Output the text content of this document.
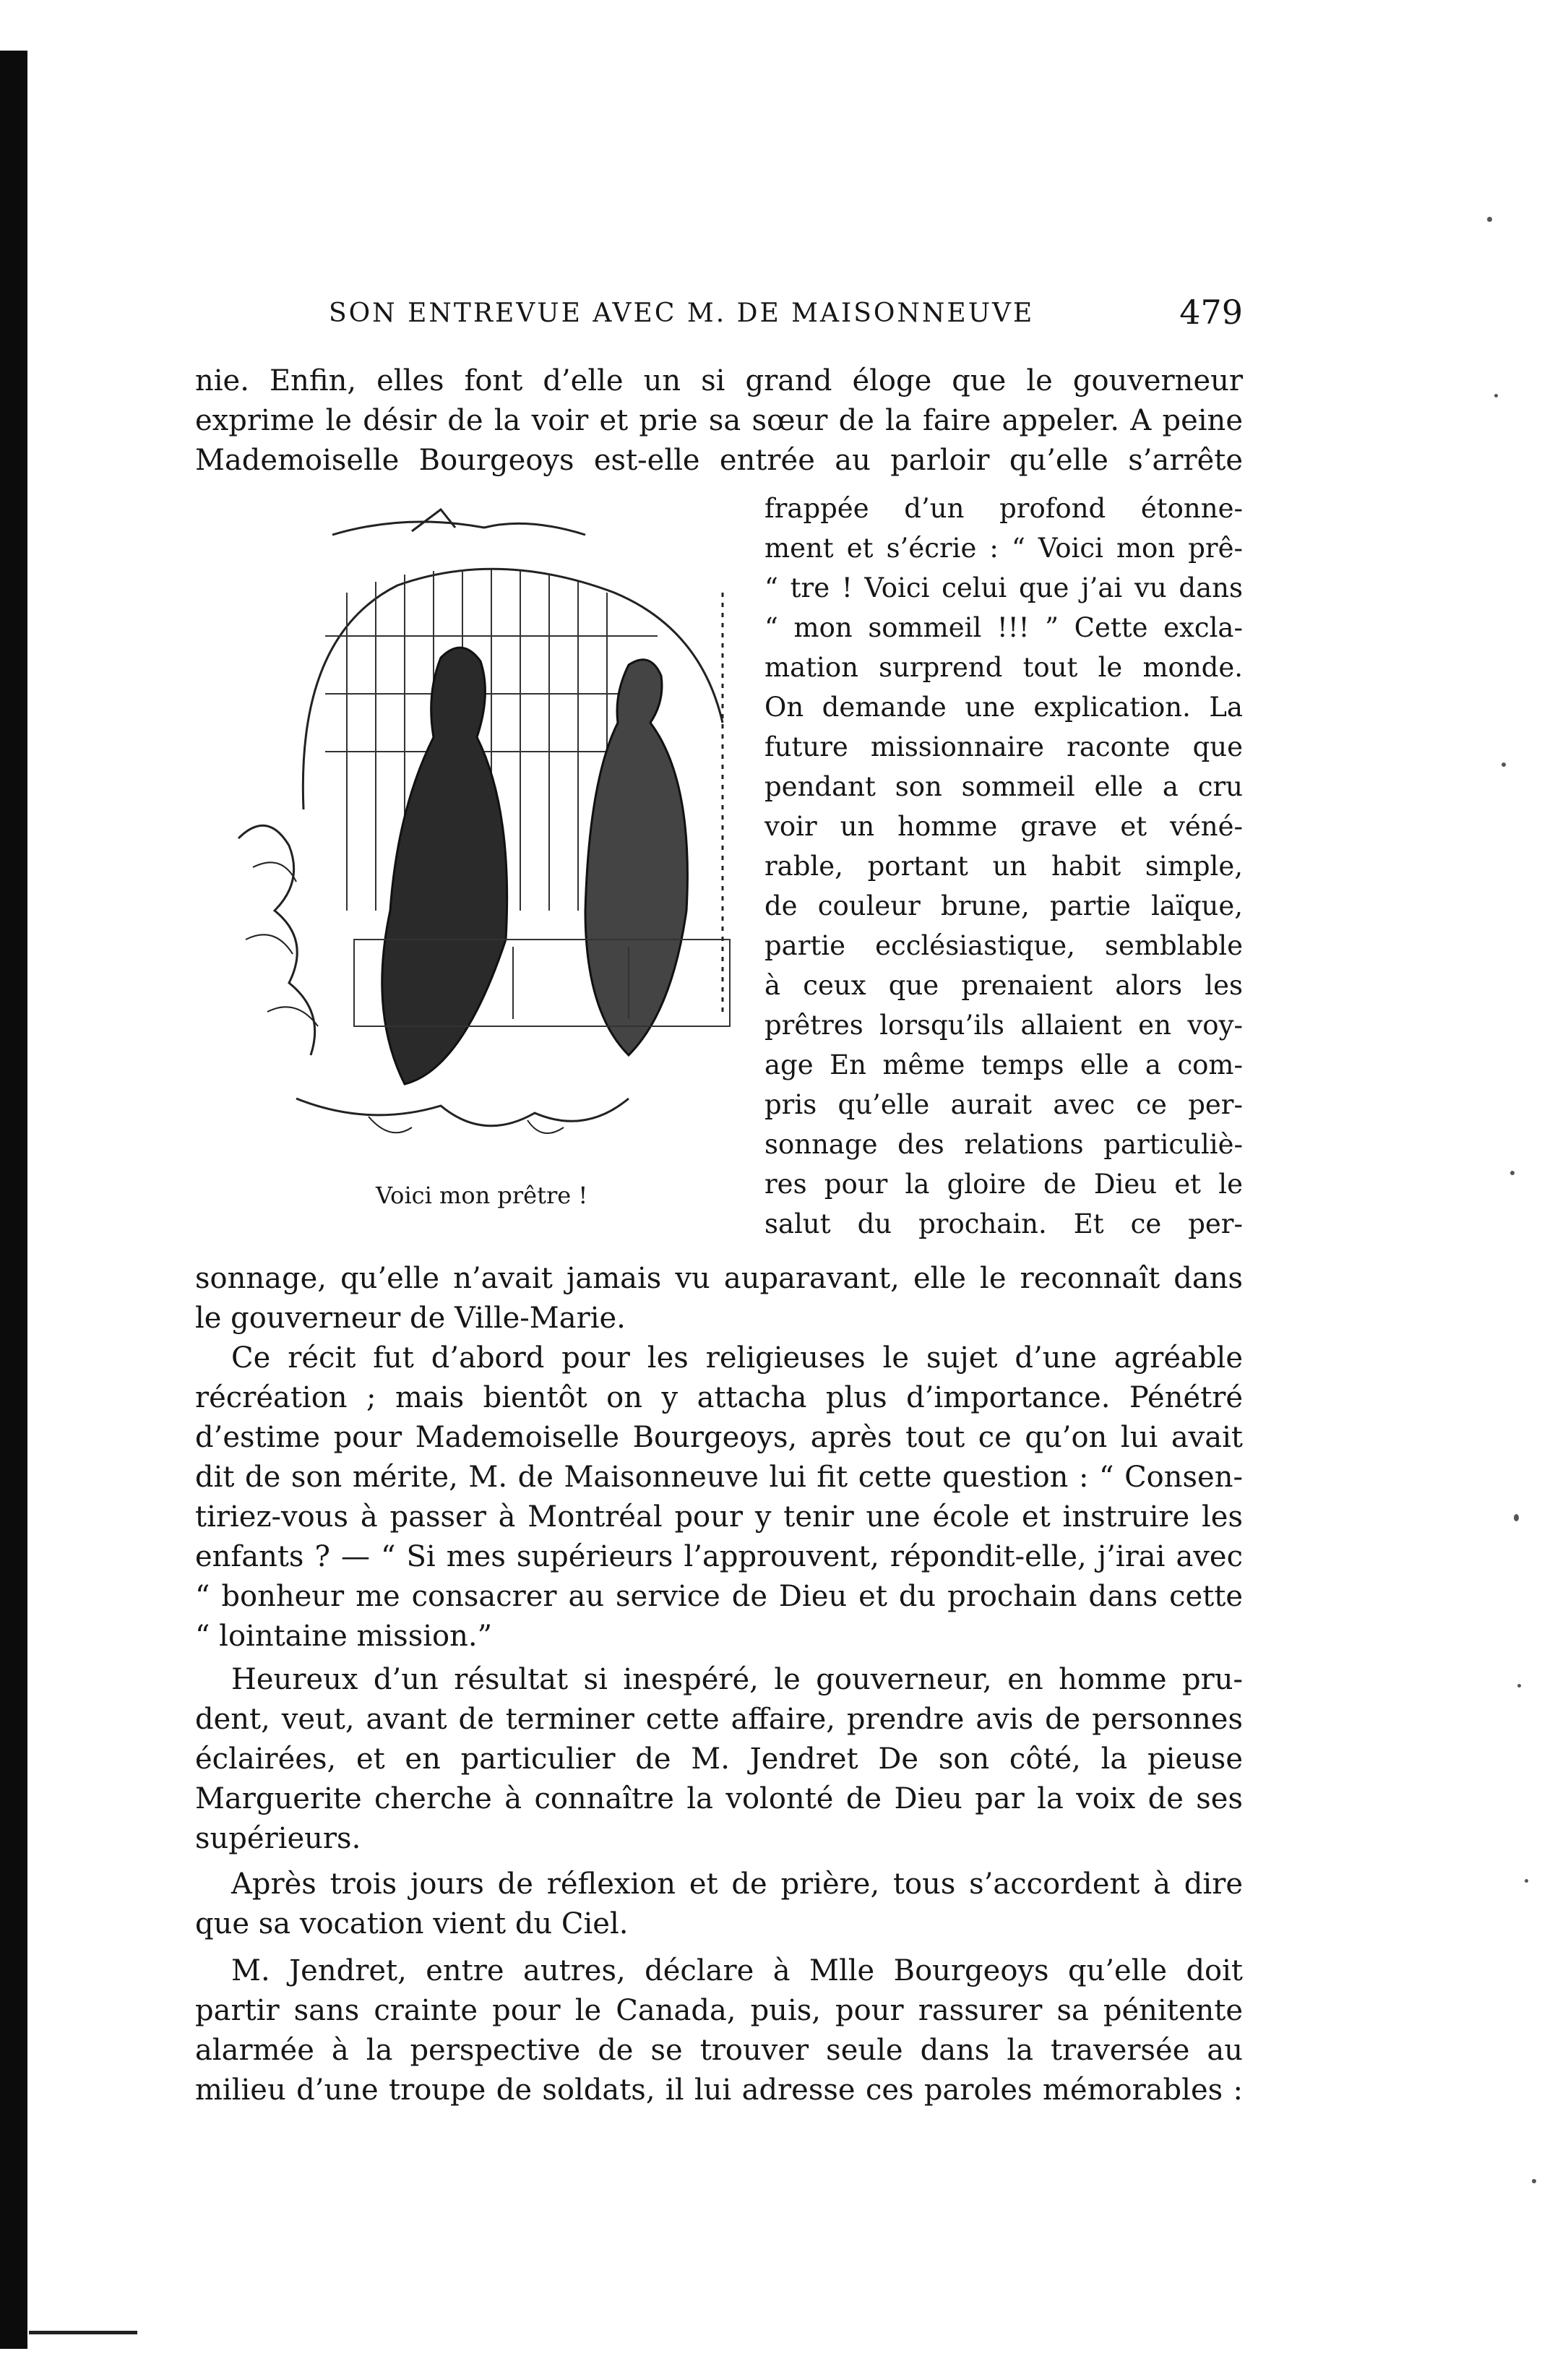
SON ENTREVUE AVEC M. DE MAISONNEUVE	479
nie. Enfin, elles font d’elle un si grand éloge que le gouverneur
exprime le désir de la voir et prie sa sœur de la faire appeler. A peine
Mademoiselle Bourgeoys est-elle entrée au parloir qu’elle s’arrête
frappée d’un profond étonne-
ment et s’écrie : “ Voici mon prê-
“ tre ! Voici celui que j’ai vu dans
“ mon sommeil !!! ” Cette excla-
mation surprend tout le monde.
On demande une explication. La
future missionnaire raconte que
pendant son sommeil elle a cru
voir un homme grave et véné-
rable, portant un habit simple,
de couleur brune, partie laïque,
partie ecclésiastique, semblable
à ceux que prenaient alors les
prêtres lorsqu’ils allaient en voy-
age En même temps elle a com-
pris qu’elle aurait avec ce per-
sonnage des relations particuliè-
res pour la gloire de Dieu et le
salut du prochain. Et ce per-
Voici mon prêtre !
sonnage, qu’elle n’avait jamais vu auparavant, elle le reconnaît dans
le gouverneur de Ville-Marie.
Ce récit fut d’abord pour les religieuses le sujet d’une agréable
récréation ; mais bientôt on y attacha plus d’importance. Pénétré
d’estime pour Mademoiselle Bourgeoys, après tout ce qu’on lui avait
dit de son mérite, M. de Maisonneuve lui fit cette question : “ Consen-
tiriez-vous à passer à Montréal pour y tenir une école et instruire les
enfants ? — “ Si mes supérieurs l’approuvent, répondit-elle, j’irai avec
“ bonheur me consacrer au service de Dieu et du prochain dans cette
“ lointaine mission.”
Heureux d’un résultat si inespéré, le gouverneur, en homme pru-
dent, veut, avant de terminer cette affaire, prendre avis de personnes
éclairées, et en particulier de M. Jendret De son côté, la pieuse
Marguerite cherche à connaître la volonté de Dieu par la voix de ses
supérieurs.
Après trois jours de réflexion et de prière, tous s’accordent à dire
que sa vocation vient du Ciel.
M. Jendret, entre autres, déclare à Mlle Bourgeoys qu’elle doit
partir sans crainte pour le Canada, puis, pour rassurer sa pénitente
alarmée à la perspective de se trouver seule dans la traversée au
milieu d’une troupe de soldats, il lui adresse ces paroles mémorables :
